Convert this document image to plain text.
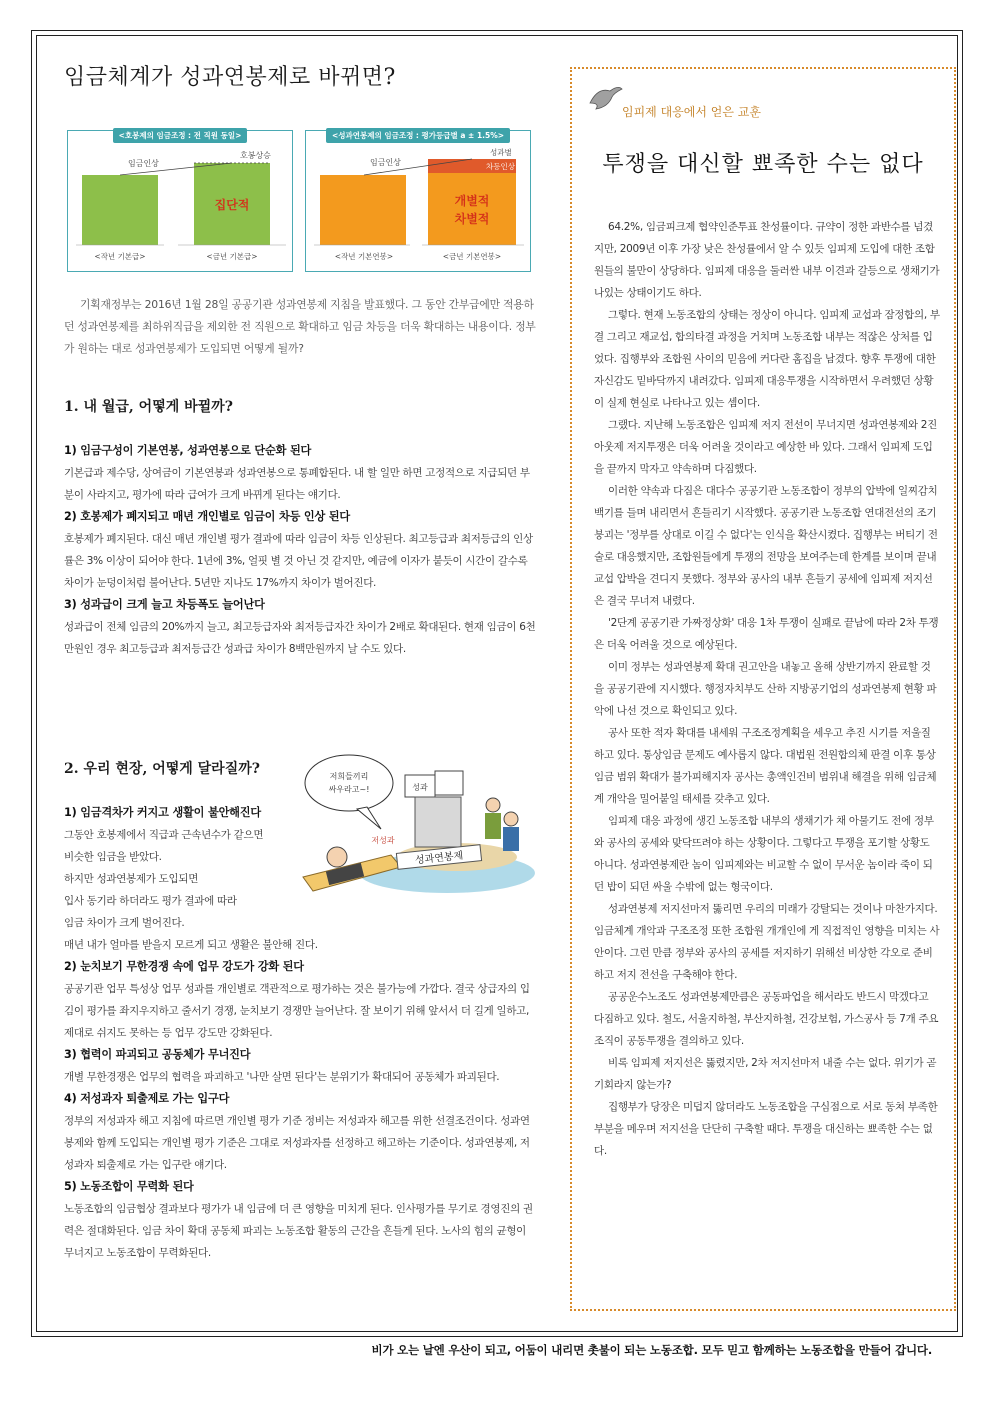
임금체계가 성과연봉제로 바뀌면?
<호봉제의 임금조정 : 전 직원 동일>
임금인상
호봉상승
집단적
<작년 기본급>	<금년 기본급>
<성과연봉제의 임금조정 : 평가등급별 a ± 1.5%>
임금인상
성과별
차등인상
개별적
차별적
<작년 기본연봉>	<금년 기본연봉>

기획재정부는 2016년 1월 28일 공공기관 성과연봉제 지침을 발표했다. 그 동안 간부급에만 적용하던 성과연봉제를 최하위직급을 제외한 전 직원으로 확대하고 임금 차등을 더욱 확대하는 내용이다. 정부가 원하는 대로 성과연봉제가 도입되면 어떻게 될까?

1. 내 월급, 어떻게 바뀔까?
1) 임금구성이 기본연봉, 성과연봉으로 단순화 된다

기본급과 제수당, 상여금이 기본연봉과 성과연봉으로 통폐합된다. 내 할 일만 하면 고정적으로 지급되던 부분이 사라지고, 평가에 따라 급여가 크게 바뀌게 된다는 얘기다.

2) 호봉제가 폐지되고 매년 개인별로 임금이 차등 인상 된다

호봉제가 폐지된다. 대신 매년 개인별 평가 결과에 따라 임금이 차등 인상된다. 최고등급과 최저등급의 인상률은 3% 이상이 되어야 한다. 1년에 3%, 얼핏 별 것 아닌 것 같지만, 예금에 이자가 붙듯이 시간이 갈수록 차이가 눈덩이처럼 불어난다. 5년만 지나도 17%까지 차이가 벌어진다.

3) 성과급이 크게 늘고 차등폭도 늘어난다

성과급이 전체 임금의 20%까지 늘고, 최고등급자와 최저등급자간 차이가 2배로 확대된다. 현재 임금이 6천만원인 경우 최고등급과 최저등급간 성과급 차이가 8백만원까지 날 수도 있다.

2. 우리 현장, 어떻게 달라질까?
1) 임금격차가 커지고 생활이 불안해진다
그동안 호봉제에서 직급과 근속년수가 같으면
비슷한 임금을 받았다.
하지만 성과연봉제가 도입되면
입사 동기라 하더라도 평가 결과에 따라
임금 차이가 크게 벌어진다.
매년 내가 얼마를 받을지 모르게 되고 생활은 불안해 진다.
2) 눈치보기 무한경쟁 속에 업무 강도가 강화 된다

공공기관 업무 특성상 업무 성과를 개인별로 객관적으로 평가하는 것은 불가능에 가깝다. 결국 상급자의 입김이 평가를 좌지우지하고 줄서기 경쟁, 눈치보기 경쟁만 늘어난다. 잘 보이기 위해 앞서서 더 길게 일하고, 제대로 쉬지도 못하는 등 업무 강도만 강화된다.

3) 협력이 파괴되고 공동체가 무너진다

개별 무한경쟁은 업무의 협력을 파괴하고 '나만 살면 된다'는 분위기가 확대되어 공동체가 파괴된다.

4) 저성과자 퇴출제로 가는 입구다

정부의 저성과자 해고 지침에 따르면 개인별 평가 기준 정비는 저성과자 해고를 위한 선결조건이다. 성과연봉제와 함께 도입되는 개인별 평가 기준은 그대로 저성과자를 선정하고 해고하는 기준이다. 성과연봉제, 저성과자 퇴출제로 가는 입구란 얘기다.

5) 노동조합이 무력화 된다

노동조합의 임금협상 결과보다 평가가 내 임금에 더 큰 영향을 미치게 된다. 인사평가를 무기로 경영진의 권력은 절대화된다. 임금 차이 확대 공동체 파괴는 노동조합 활동의 근간을 흔들게 된다. 노사의 힘의 균형이 무너지고 노동조합이 무력화된다.

저희들끼리
싸우라고~!	성과
성과연봉제
저성과
임피제 대응에서 얻은 교훈
투쟁을 대신할 뾰족한 수는 없다

64.2%, 임금피크제 협약인준투표 찬성률이다. 규약이 정한 과반수를 넘겼지만, 2009년 이후 가장 낮은 찬성률에서 알 수 있듯 임피제 도입에 대한 조합원들의 불만이 상당하다. 임피제 대응을 둘러싼 내부 이견과 갈등으로 생채기가 나있는 상태이기도 하다.

그렇다. 현재 노동조합의 상태는 정상이 아니다. 임피제 교섭과 잠정합의, 부결 그리고 재교섭, 합의타결 과정을 거치며 노동조합 내부는 적잖은 상처를 입었다. 집행부와 조합원 사이의 믿음에 커다란 홈집을 남겼다. 향후 투쟁에 대한 자신감도 밑바닥까지 내려갔다. 임피제 대응투쟁을 시작하면서 우려했던 상황이 실제 현실로 나타나고 있는 셈이다.

그랬다. 지난해 노동조합은 임피제 저지 전선이 무너지면 성과연봉제와 2진아웃제 저지투쟁은 더욱 어려울 것이라고 예상한 바 있다. 그래서 임피제 도입을 끝까지 막자고 약속하며 다짐했다.

이러한 약속과 다짐은 대다수 공공기관 노동조합이 정부의 압박에 일찌감치 백기를 들며 내리면서 흔들리기 시작했다. 공공기관 노동조합 연대전선의 조기 붕괴는 '정부를 상대로 이길 수 없다'는 인식을 확산시켰다. 집행부는 버티기 전술로 대응했지만, 조합원들에게 투쟁의 전망을 보여주는데 한계를 보이며 끝내 교섭 압박을 견디지 못했다. 정부와 공사의 내부 흔들기 공세에 임피제 저지선은 결국 무너져 내렸다.

'2단계 공공기관 가짜정상화' 대응 1차 투쟁이 실패로 끝남에 따라 2차 투쟁은 더욱 어려울 것으로 예상된다.

이미 정부는 성과연봉제 확대 권고안을 내놓고 올해 상반기까지 완료할 것을 공공기관에 지시했다. 행정자치부도 산하 지방공기업의 성과연봉제 현황 파악에 나선 것으로 확인되고 있다.

공사 또한 적자 확대를 내세워 구조조정계획을 세우고 추진 시기를 저울질하고 있다. 통상임금 문제도 예사롭지 않다. 대법원 전원합의체 판결 이후 통상임금 범위 확대가 불가피해지자 공사는 총액인건비 범위내 해결을 위해 임금체계 개악을 밀어붙일 태세를 갖추고 있다.

임피제 대응 과정에 생긴 노동조합 내부의 생채기가 채 아물기도 전에 정부와 공사의 공세와 맞닥뜨려야 하는 상황이다. 그렇다고 투쟁을 포기할 상황도 아니다. 성과연봉제란 놈이 임피제와는 비교할 수 없이 무서운 놈이라 죽이 되던 밥이 되던 싸울 수밖에 없는 형국이다.

성과연봉제 저지선마저 뚫리면 우리의 미래가 강탈되는 것이나 마찬가지다. 임금체계 개악과 구조조정 또한 조합원 개개인에 게 직접적인 영향을 미치는 사안이다. 그런 만큼 정부와 공사의 공세를 저지하기 위해선 비상한 각오로 준비하고 저지 전선을 구축해야 한다.

공공운수노조도 성과연봉제만큼은 공동파업을 해서라도 반드시 막겠다고 다짐하고 있다. 철도, 서울지하철, 부산지하철, 건강보험, 가스공사 등 7개 주요 조직이 공동투쟁을 결의하고 있다.

비록 임피제 저지선은 뚫렸지만, 2차 저지선마저 내줄 수는 없다. 위기가 곧 기회라지 않는가?

집행부가 당장은 미덥지 않더라도 노동조합을 구심점으로 서로 동쳐 부족한 부분을 메우며 저지선을 단단히 구축할 때다. 투쟁을 대신하는 뾰족한 수는 없다.

비가 오는 날엔 우산이 되고, 어둠이 내리면 촛불이 되는 노동조합. 모두 믿고 함께하는 노동조합을 만들어 갑니다.
